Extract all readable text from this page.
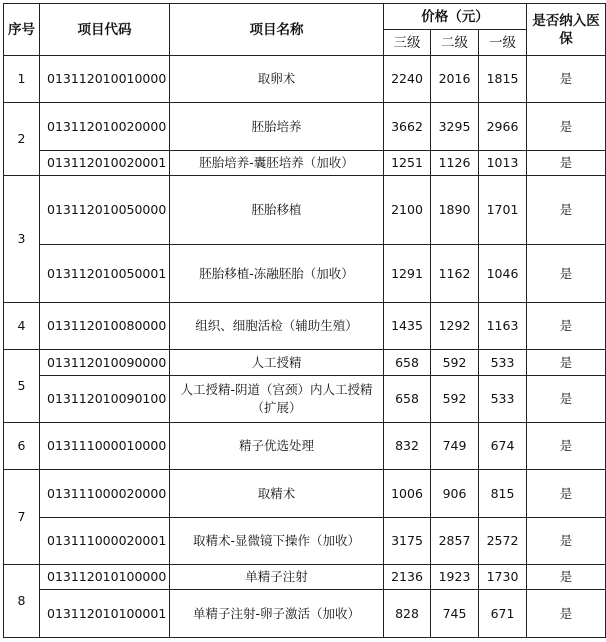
序号	项目代码	项目名称	价格（元）			是否纳入医保
			三级	二级	一级	
1	013112010010000	取卵术	2240	2016	1815	是
2	013112010020000	胚胎培养	3662	3295	2966	是
	013112010020001	胚胎培养-囊胚培养（加收）	1251	1126	1013	是
3	013112010050000	胚胎移植	2100	1890	1701	是
	013112010050001	胚胎移植-冻融胚胎（加收）	1291	1162	1046	是
4	013112010080000	组织、细胞活检（辅助生殖）	1435	1292	1163	是
5	013112010090000	人工授精	658	592	533	是
	013112010090100	人工授精-阴道（宫颈）内人工授精（扩展）	658	592	533	是
6	013111000010000	精子优选处理	832	749	674	是
7	013111000020000	取精术	1006	906	815	是
	013111000020001	取精术-显微镜下操作（加收）	3175	2857	2572	是
8	013112010100000	单精子注射	2136	1923	1730	是
	013112010100001	单精子注射-卵子激活（加收）	828	745	671	是
